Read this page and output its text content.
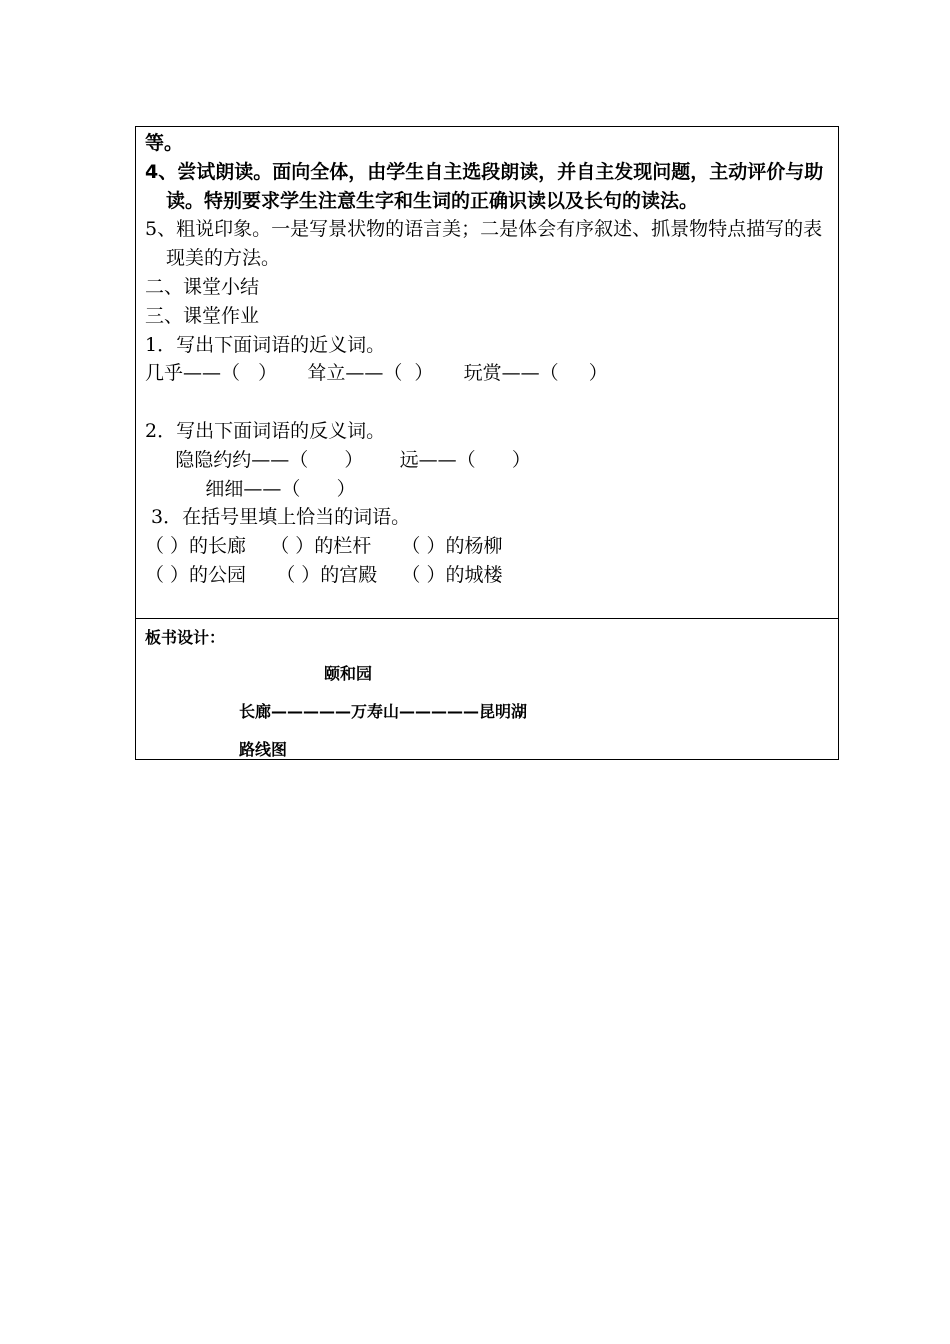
等。
4、尝试朗读。面向全体，由学生自主选段朗读，并自主发现问题，主动评价与助读。特别要求学生注意生字和生词的正确识读以及长句的读法。
5、粗说印象。一是写景状物的语言美；二是体会有序叙述、抓景物特点描写的表现美的方法。
二、课堂小结
三、课堂作业
1．写出下面词语的近义词。
几乎——（   ）     耸立——（  ）     玩赏——（     ）

2．写出下面词语的反义词。
隐隐约约——（      ）      远——（      ）
细细——（      ）
3．在括号里填上恰当的词语。
（ ）的长廊    （ ）的栏杆     （ ）的杨柳
（ ）的公园     （ ）的宫殿    （ ）的城楼
板书设计：
颐和园
长廊—————万寿山—————昆明湖
路线图
